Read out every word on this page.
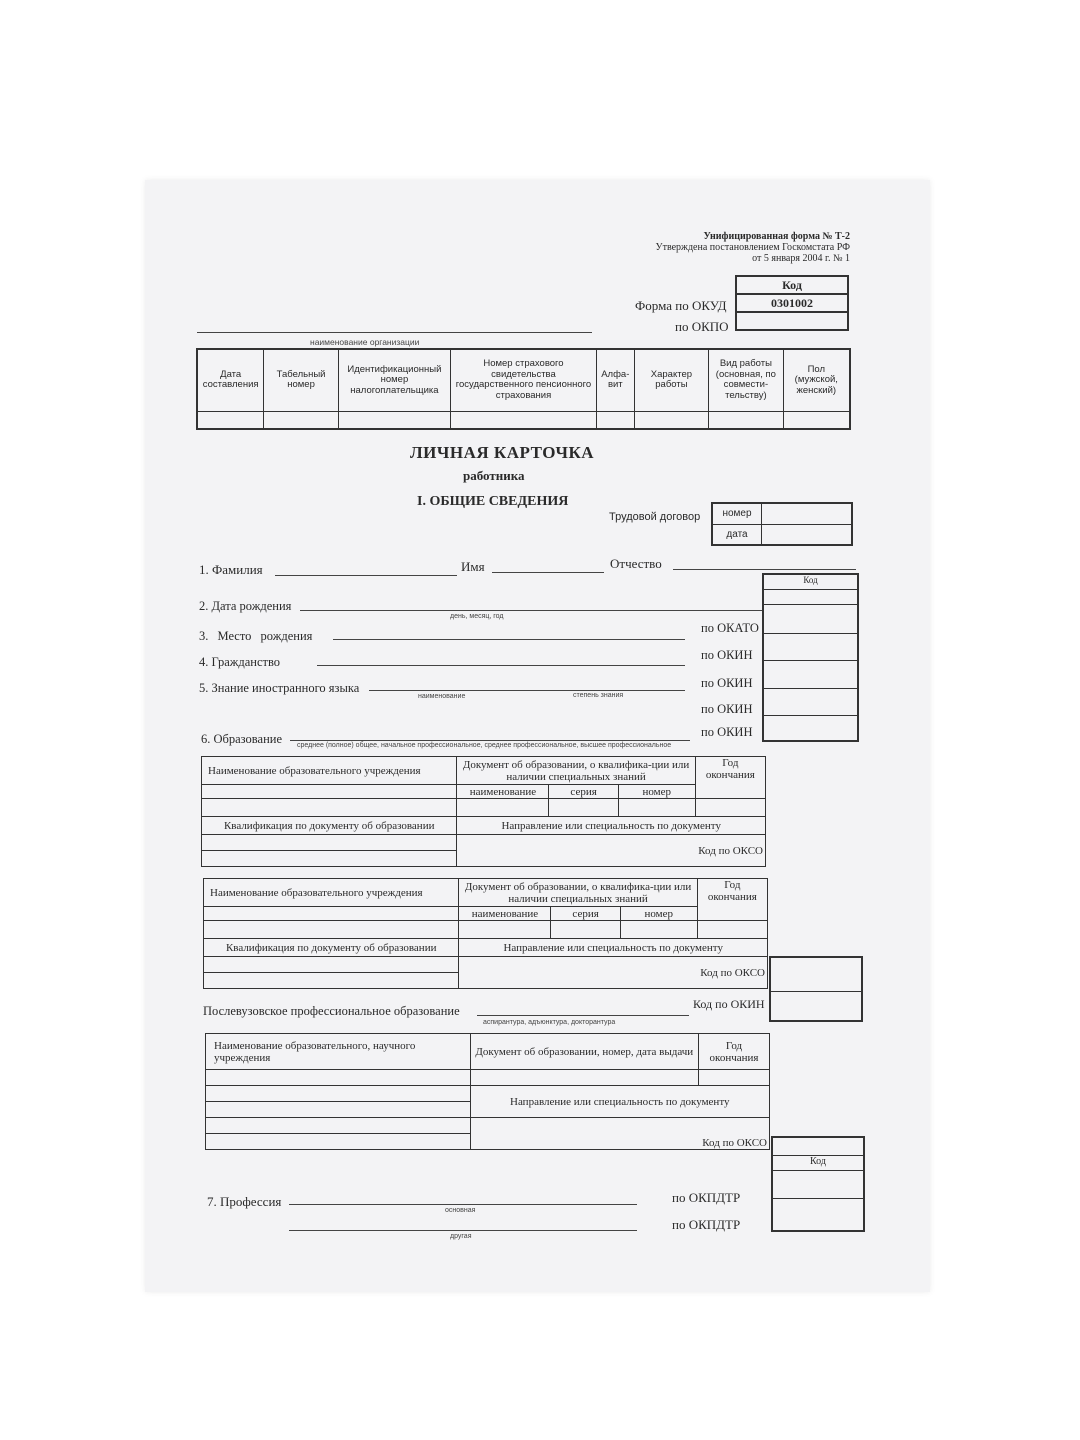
Унифицированная форма № Т-2
Утверждена постановлением Госкомстата РФ
от 5 января 2004 г. № 1
Код
0301002

Форма по ОКУД
по ОКПО
наименование организации
Дата составления	Табельный номер	Идентификационный номер налогоплательщика	Номер страхового свидетельства государственного пенсионного страхования	Алфа-вит	Характер работы	Вид работы (основная, по совмести-тельству)	Пол (мужской, женский)

ЛИЧНАЯ КАРТОЧКА
работника
I. ОБЩИЕ СВЕДЕНИЯ
Трудовой договор номер	
дата	
1. Фамилия	Имя	Отчество
Код
2. Дата рождения
день, месяц, год
3. Место рождения
по ОКАТО
4. Гражданство	по ОКИН
5. Знание иностранного языка
наименование	степень знания
по ОКИН
по ОКИН
6. Образование среднее (полное) общее, начальное профессиональное, среднее профессиональное, высшее профессиональное
по ОКИН
Наименование образовательного учреждения	Документ об образовании, о квалифика-ции или наличии специальных знаний			Год окончания
	наименование	серия	номер	

Квалификация по документу об образовании	Направление или специальность по документу			
	Код по ОКСО			

Наименование образовательного учреждения	Документ об образовании, о квалифика-ции или наличии специальных знаний			Год окончания
	наименование	серия	номер	

Квалификация по документу об образовании	Направление или специальность по документу			
	Код по ОКСО			

Послевузовское профессиональное образование
аспирантура, адъюнктура, докторантура
Код по ОКИН
Наименование образовательного, научного учреждения	Документ об образовании, номер, дата выдачи	Год окончания

	Направление или специальность по документу	

	Код по ОКСО	

Код
7. Профессия
основная
другая
по ОКПДТР
по ОКПДТР
